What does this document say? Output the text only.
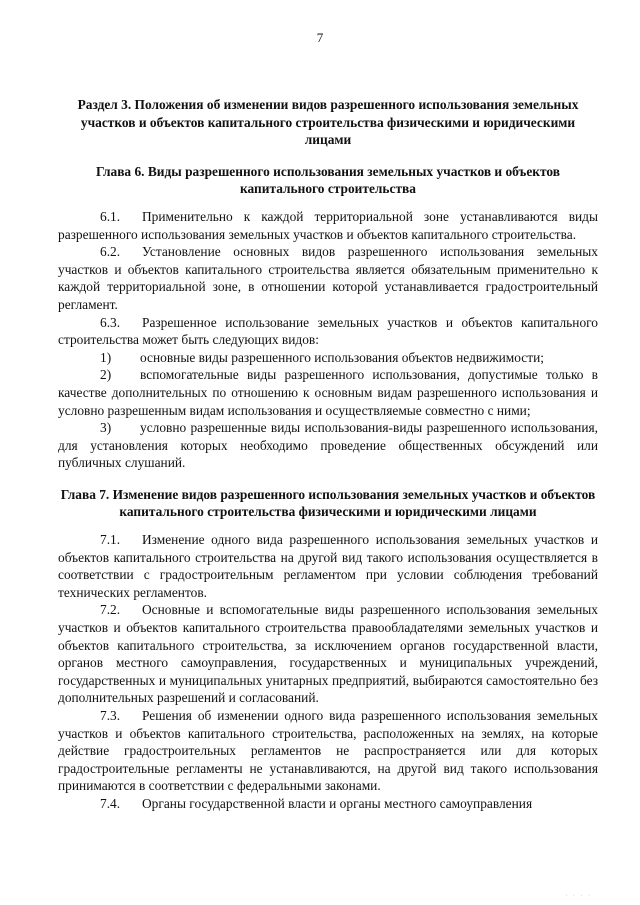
7

Раздел 3. Положения об изменении видов разрешенного использования земельных участков и объектов капитального строительства физическими и юридическими лицами

Глава 6. Виды разрешенного использования земельных участков и объектов капитального строительства

6.1. Применительно к каждой территориальной зоне устанавливаются виды разрешенного использования земельных участков и объектов капитального строительства.

6.2. Установление основных видов разрешенного использования земельных участков и объектов капитального строительства является обязательным применительно к каждой территориальной зоне, в отношении которой устанавливается градостроительный регламент.

6.3. Разрешенное использование земельных участков и объектов капитального строительства может быть следующих видов:

1) основные виды разрешенного использования объектов недвижимости;

2) вспомогательные виды разрешенного использования, допустимые только в качестве дополнительных по отношению к основным видам разрешенного использования и условно разрешенным видам использования и осуществляемые совместно с ними;

3) условно разрешенные виды использования-виды разрешенного использования, для установления которых необходимо проведение общественных обсуждений или публичных слушаний.

Глава 7. Изменение видов разрешенного использования земельных участков и объектов капитального строительства физическими и юридическими лицами

7.1. Изменение одного вида разрешенного использования земельных участков и объектов капитального строительства на другой вид такого использования осуществляется в соответствии с градостроительным регламентом при условии соблюдения требований технических регламентов.

7.2. Основные и вспомогательные виды разрешенного использования земельных участков и объектов капитального строительства правообладателями земельных участков и объектов капитального строительства, за исключением органов государственной власти, органов местного самоуправления, государственных и муниципальных учреждений, государственных и муниципальных унитарных предприятий, выбираются самостоятельно без дополнительных разрешений и согласований.

7.3. Решения об изменении одного вида разрешенного использования земельных участков и объектов капитального строительства, расположенных на землях, на которые действие градостроительных регламентов не распространяется или для которых градостроительные регламенты не устанавливаются, на другой вид такого использования принимаются в соответствии с федеральными законами.

7.4. Органы государственной власти и органы местного самоуправления

· · · ·
